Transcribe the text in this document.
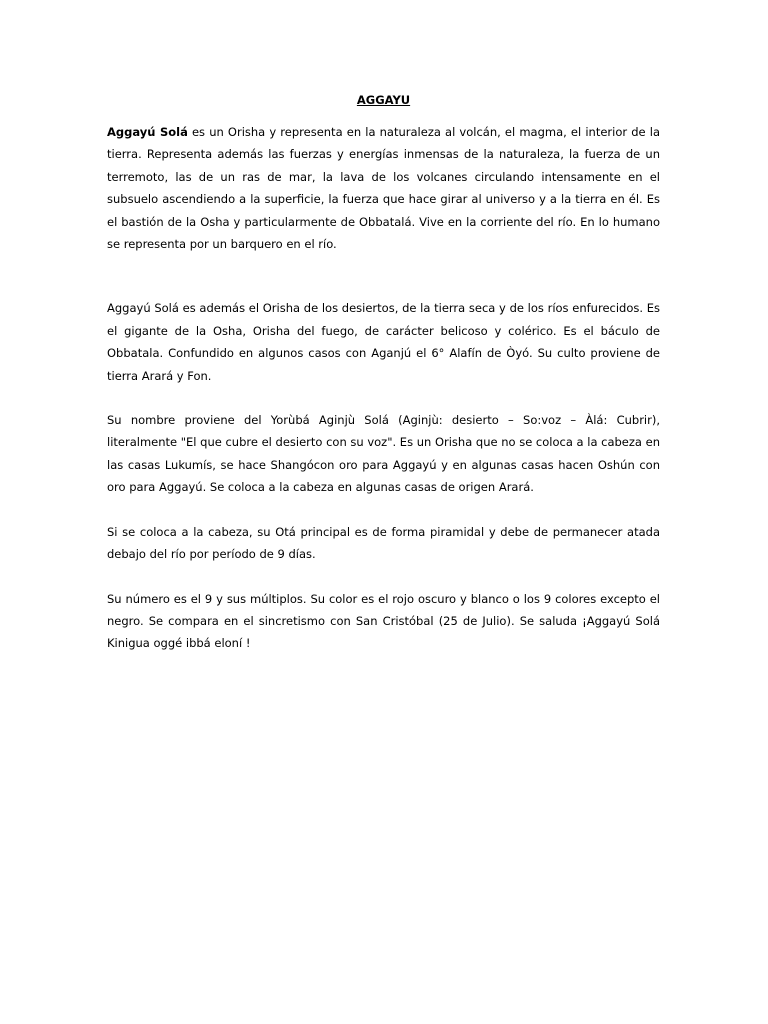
AGGAYU

Aggayú Solá es un Orisha y representa en la naturaleza al volcán, el magma, el interior de la tierra. Representa además las fuerzas y energías inmensas de la naturaleza, la fuerza de un terremoto, las de un ras de mar, la lava de los volcanes circulando intensamente en el subsuelo ascendiendo a la superficie, la fuerza que hace girar al universo y a la tierra en él. Es el bastión de la Osha y particularmente de Obbatalá. Vive en la corriente del río. En lo humano se representa por un barquero en el río.

Aggayú Solá es además el Orisha de los desiertos, de la tierra seca y de los ríos enfurecidos. Es el gigante de la Osha, Orisha del fuego, de carácter belicoso y colérico. Es el báculo de Obbatala. Confundido en algunos casos con Aganjú el 6° Alafín de Òyó. Su culto proviene de tierra Arará y Fon.

Su nombre proviene del Yorùbá Aginjù Solá (Aginjù: desierto – So:voz – Àlá: Cubrir), literalmente "El que cubre el desierto con su voz". Es un Orisha que no se coloca a la cabeza en las casas Lukumís, se hace Shangócon oro para Aggayú y en algunas casas hacen Oshún con oro para Aggayú. Se coloca a la cabeza en algunas casas de origen Arará.

Si se coloca a la cabeza, su Otá principal es de forma piramidal y debe de permanecer atada debajo del río por período de 9 días.

Su número es el 9 y sus múltiplos. Su color es el rojo oscuro y blanco o los 9 colores excepto el negro. Se compara en el sincretismo con San Cristóbal (25 de Julio). Se saluda ¡Aggayú Solá Kinigua oggé ibbá eloní !
